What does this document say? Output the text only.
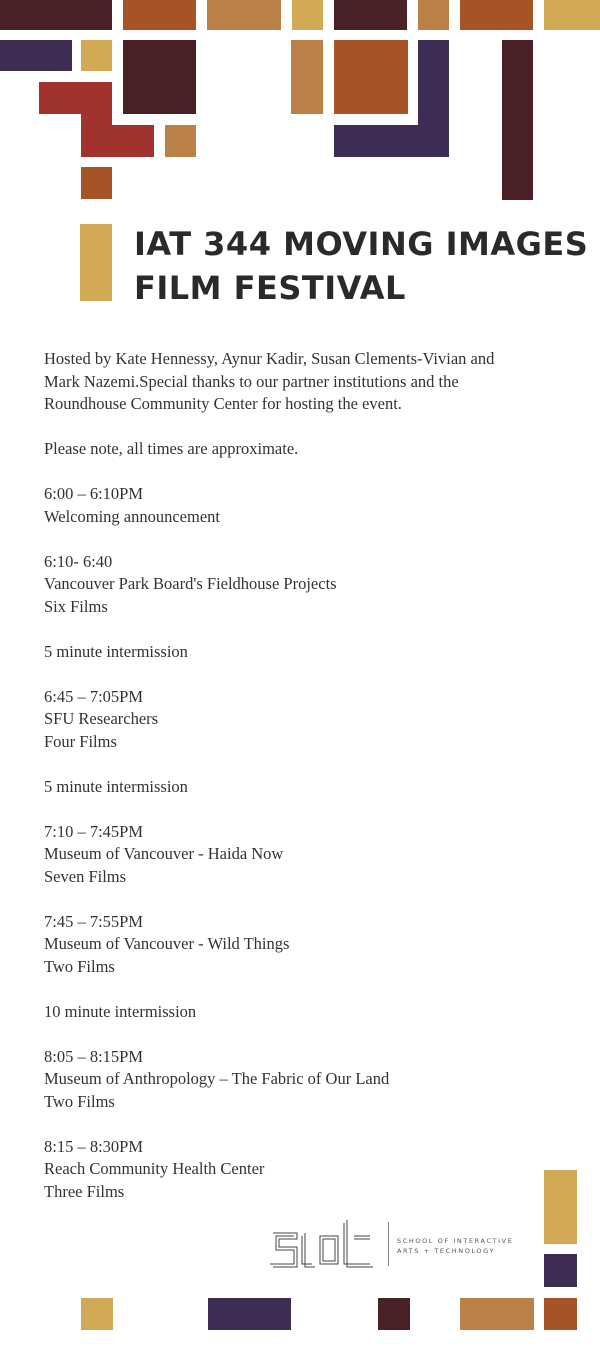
IAT 344 MOVING IMAGES
FILM FESTIVAL

Hosted by Kate Hennessy, Aynur Kadir, Susan Clements-Vivian and Mark Nazemi.Special thanks to our partner institutions and the Roundhouse Community Center for hosting the event.

Please note, all times are approximate.

6:00 – 6:10PM

Welcoming announcement

6:10- 6:40

Vancouver Park Board's Fieldhouse Projects

Six Films

5 minute intermission

6:45 – 7:05PM

SFU Researchers

Four Films

5 minute intermission

7:10 – 7:45PM

Museum of Vancouver - Haida Now

Seven Films

7:45 – 7:55PM

Museum of Vancouver - Wild Things

Two Films

10 minute intermission

8:05 – 8:15PM

Museum of Anthropology – The Fabric of Our Land

Two Films

8:15 – 8:30PM

Reach Community Health Center

Three Films

SCHOOL OF INTERACTIVE
ARTS + TECHNOLOGY
